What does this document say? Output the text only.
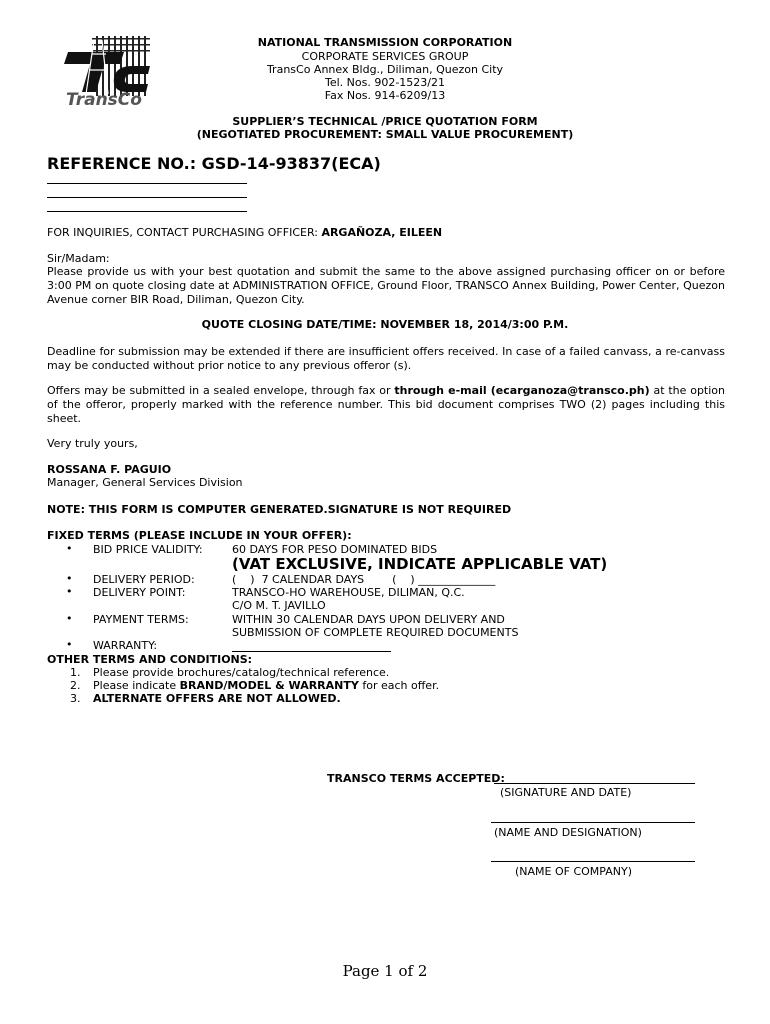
TransCo
NATIONAL TRANSMISSION CORPORATION
CORPORATE SERVICES GROUP
TransCo Annex Bldg., Diliman, Quezon City
Tel. Nos. 902-1523/21
Fax Nos. 914-6209/13
SUPPLIER’S TECHNICAL /PRICE QUOTATION FORM
(NEGOTIATED PROCUREMENT: SMALL VALUE PROCUREMENT)
REFERENCE NO.: GSD-14-93837(ECA)
FOR INQUIRIES, CONTACT PURCHASING OFFICER: ARGAÑOZA, EILEEN
Sir/Madam:
Please provide us with your best quotation and submit the same to the above assigned purchasing officer on or before 3:00 PM on quote closing date at ADMINISTRATION OFFICE, Ground Floor, TRANSCO Annex Building, Power Center, Quezon Avenue corner BIR Road, Diliman, Quezon City.
QUOTE CLOSING DATE/TIME: NOVEMBER 18, 2014/3:00 P.M.
Deadline for submission may be extended if there are insufficient offers received. In case of a failed canvass, a re-canvass may be conducted without prior notice to any previous offeror (s).
Offers may be submitted in a sealed envelope, through fax or through e-mail (ecarganoza@transco.ph) at the option of the offeror, properly marked with the reference number. This bid document comprises TWO (2) pages including this sheet.
Very truly yours,
ROSSANA F. PAGUIO
Manager, General Services Division
NOTE: THIS FORM IS COMPUTER GENERATED.SIGNATURE IS NOT REQUIRED
FIXED TERMS (PLEASE INCLUDE IN YOUR OFFER):
• BID PRICE VALIDITY:	60 DAYS FOR PESO DOMINATED BIDS
(VAT EXCLUSIVE, INDICATE APPLICABLE VAT)
• DELIVERY PERIOD:	(    )  7 CALENDAR DAYS        (    ) ______________
• DELIVERY POINT:	TRANSCO-HO WAREHOUSE, DILIMAN, Q.C.
C/O M. T. JAVILLO
• PAYMENT TERMS:	WITHIN 30 CALENDAR DAYS UPON DELIVERY AND
SUBMISSION OF COMPLETE REQUIRED DOCUMENTS
• WARRANTY:
OTHER TERMS AND CONDITIONS:
1. Please provide brochures/catalog/technical reference.
2. Please indicate BRAND/MODEL & WARRANTY for each offer.
3. ALTERNATE OFFERS ARE NOT ALLOWED.
TRANSCO TERMS ACCEPTED:
(SIGNATURE AND DATE)
(NAME AND DESIGNATION)
(NAME OF COMPANY)
Page 1 of 2
